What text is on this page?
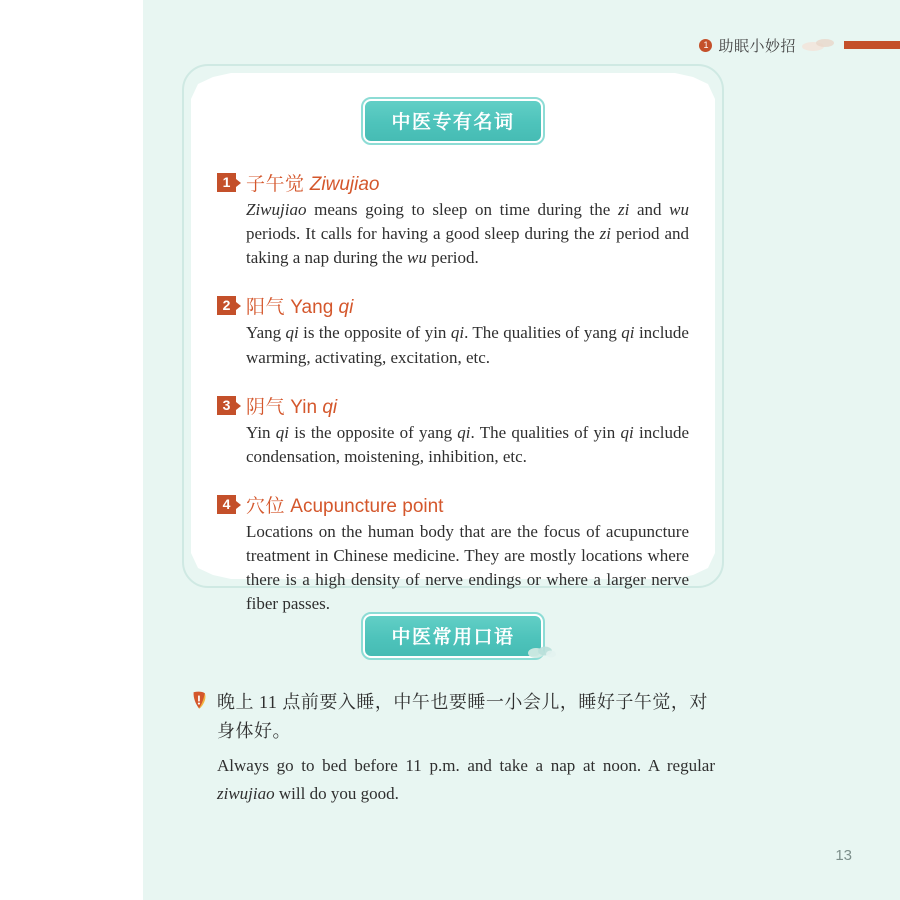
1 助眠小妙招
中医专有名词
1 子午觉 Ziwujiao
Ziwujiao means going to sleep on time during the zi and wu periods. It calls for having a good sleep during the zi period and taking a nap during the wu period.
2 阳气 Yang qi
Yang qi is the opposite of yin qi. The qualities of yang qi include warming, activating, excitation, etc.
3 阴气 Yin qi
Yin qi is the opposite of yang qi. The qualities of yin qi include condensation, moistening, inhibition, etc.
4 穴位 Acupuncture point
Locations on the human body that are the focus of acupuncture treatment in Chinese medicine. They are mostly locations where there is a high density of nerve endings or where a larger nerve fiber passes.
中医常用口语
晚上 11 点前要入睡，中午也要睡一小会儿，睡好子午觉，对身体好。
Always go to bed before 11 p.m. and take a nap at noon. A regular ziwujiao will do you good.
13
